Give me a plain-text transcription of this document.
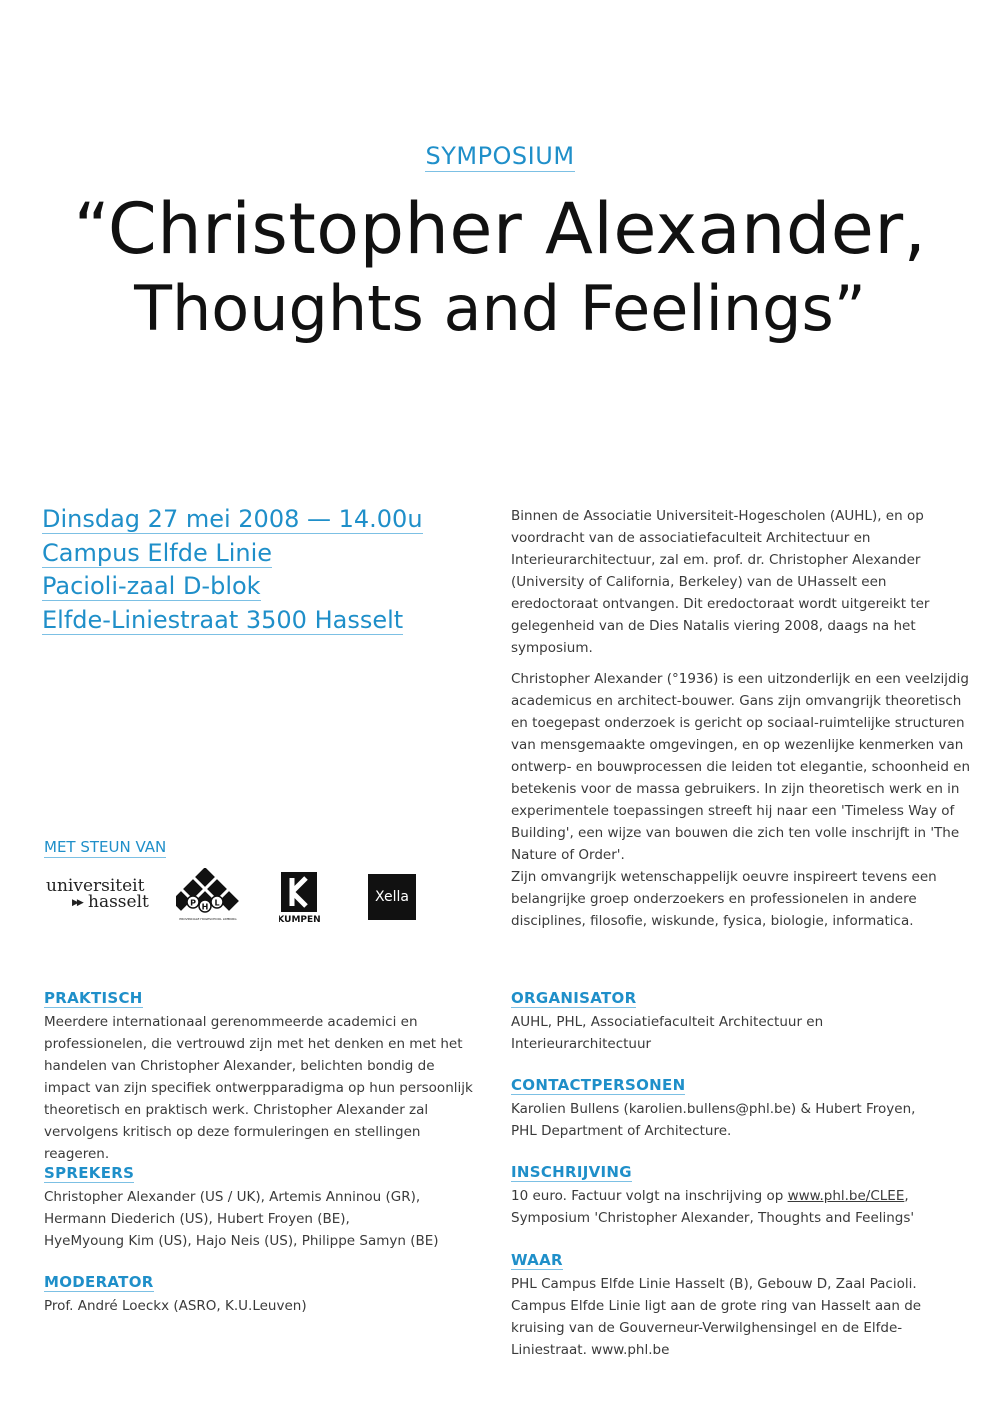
SYMPOSIUM
“Christopher Alexander,
Thoughts and Feelings”
Dinsdag 27 mei 2008 — 14.00u
Campus Elfde Linie
Pacioli-zaal D-blok
Elfde-Liniestraat 3500 Hasselt

Binnen de Associatie Universiteit-Hogescholen (AUHL), en op voordracht van de associatiefaculteit Architectuur en Interieurarchitectuur, zal em. prof. dr. Christopher Alexander (University of California, Berkeley) van de UHasselt een eredoctoraat ontvangen. Dit eredoctoraat wordt uitgereikt ter gelegenheid van de Dies Natalis viering 2008, daags na het symposium.

Christopher Alexander (°1936) is een uitzonderlijk en een veelzijdig academicus en architect-bouwer. Gans zijn omvangrijk theoretisch en toegepast onderzoek is gericht op sociaal-ruimtelijke structuren van mensgemaakte omgevingen, en op wezenlijke kenmerken van ontwerp- en bouwprocessen die leiden tot elegantie, schoonheid en betekenis voor de massa gebruikers. In zijn theoretisch werk en in experimentele toepassingen streeft hij naar een 'Timeless Way of Building', een wijze van bouwen die zich ten volle inschrijft in 'The Nature of Order'.

Zijn omvangrijk wetenschappelijk oeuvre inspireert tevens een belangrijke groep onderzoekers en professionelen in andere disciplines, filosofie, wiskunde, fysica, biologie, informatica.

MET STEUN VAN
universiteit
▶▶ hasselt	P H L
PROVINCIALE HOGESCHOOL LIMBURG	KUMPEN
Xella
PRAKTISCH

Meerdere internationaal gerenommeerde academici en professionelen, die vertrouwd zijn met het denken en met het handelen van Christopher Alexander, belichten bondig de impact van zijn specifiek ontwerpparadigma op hun persoonlijk theoretisch en praktisch werk. Christopher Alexander zal vervolgens kritisch op deze formuleringen en stellingen reageren.

SPREKERS

Christopher Alexander (US / UK), Artemis Anninou (GR),
Hermann Diederich (US), Hubert Froyen (BE),
HyeMyoung Kim (US), Hajo Neis (US), Philippe Samyn (BE)

MODERATOR

Prof. André Loeckx (ASRO, K.U.Leuven)

ORGANISATOR

AUHL, PHL, Associatiefaculteit Architectuur en Interieurarchitectuur

CONTACTPERSONEN

Karolien Bullens (karolien.bullens@phl.be) & Hubert Froyen,
PHL Department of Architecture.

INSCHRIJVING

10 euro. Factuur volgt na inschrijving op www.phl.be/CLEE,
Symposium 'Christopher Alexander, Thoughts and Feelings'

WAAR

PHL Campus Elfde Linie Hasselt (B), Gebouw D, Zaal Pacioli.
Campus Elfde Linie ligt aan de grote ring van Hasselt aan de kruising van de Gouverneur-Verwilghensingel en de Elfde-Liniestraat. www.phl.be
